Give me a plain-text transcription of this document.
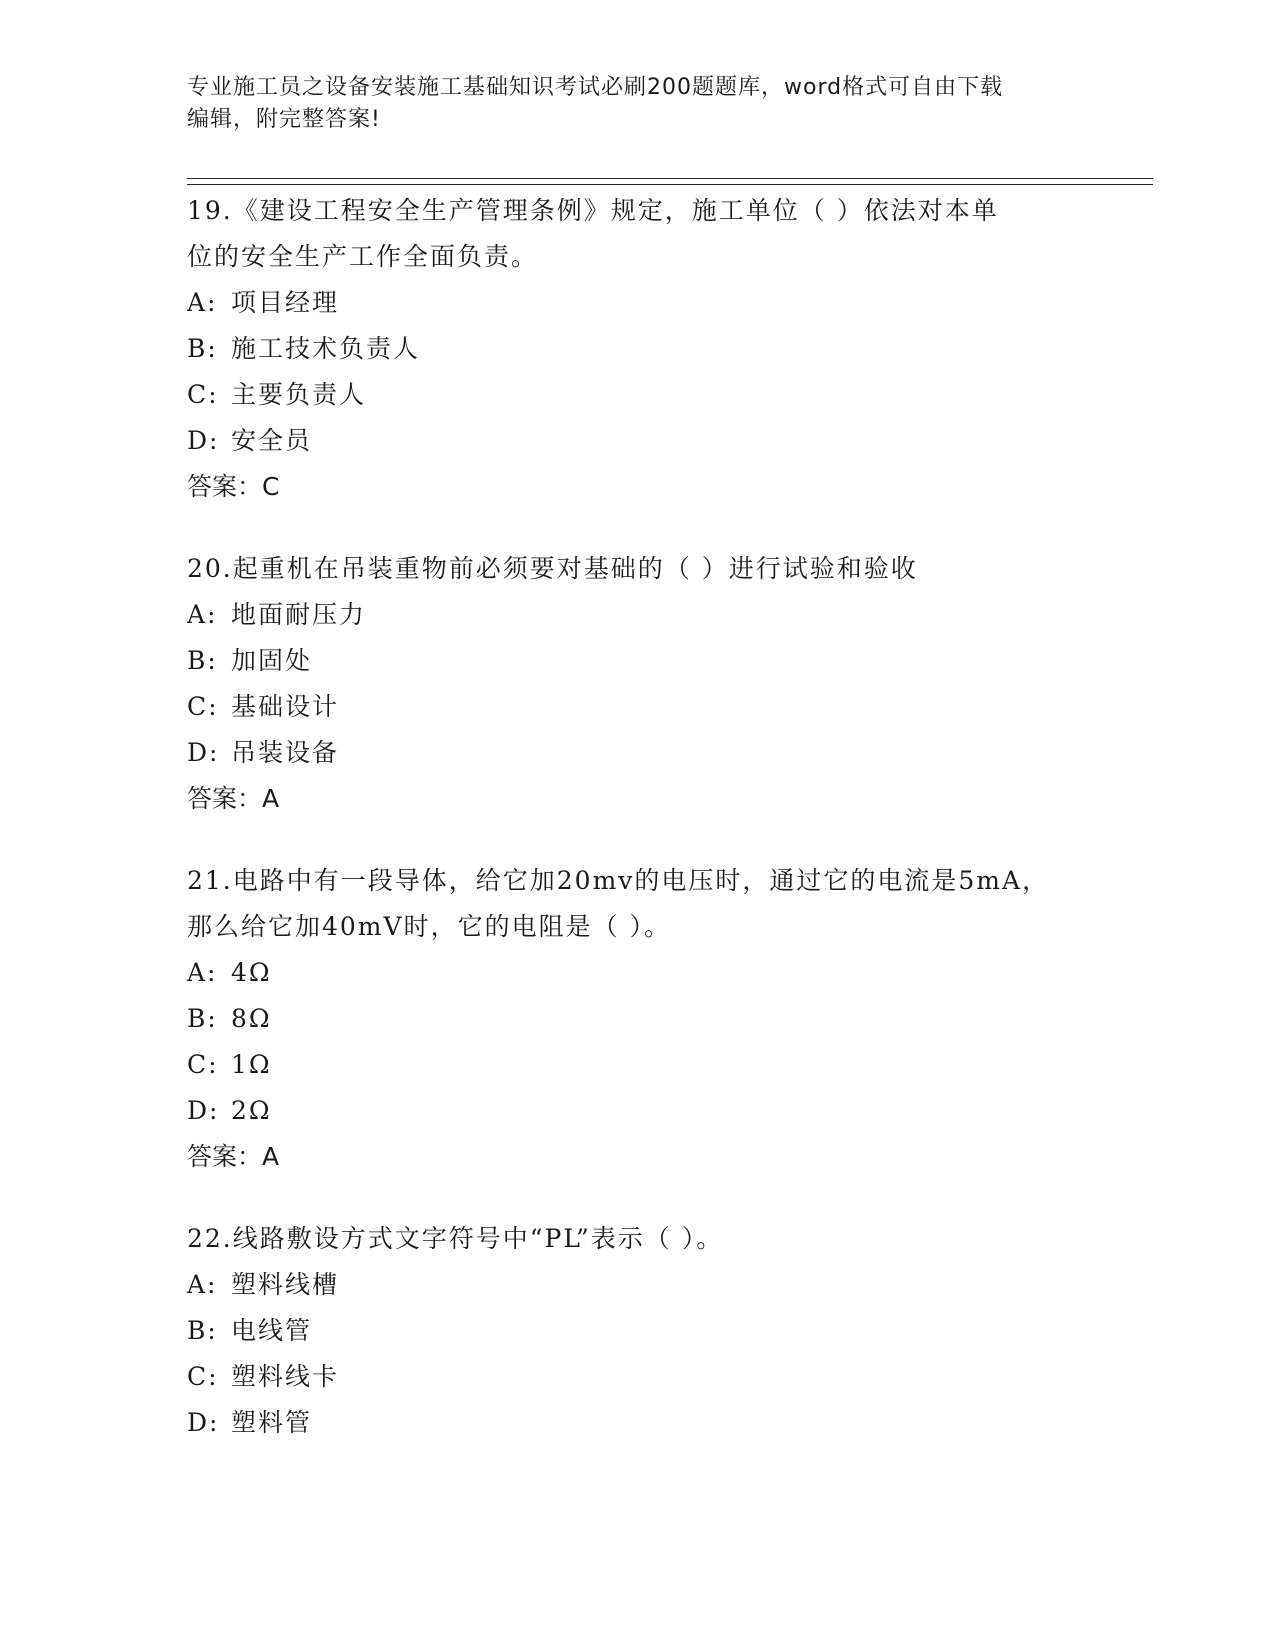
专业施工员之设备安装施工基础知识考试必刷200题题库，word格式可自由下载
编辑，附完整答案!

19.《建设工程安全生产管理条例》规定，施工单位（ ）依法对本单

位的安全生产工作全面负责。

A: 项目经理

B: 施工技术负责人

C: 主要负责人

D: 安全员

答案：C

20.起重机在吊装重物前必须要对基础的（ ）进行试验和验收

A: 地面耐压力

B: 加固处

C: 基础设计

D: 吊装设备

答案：A

21.电路中有一段导体，给它加20mv的电压时，通过它的电流是5mA，

那么给它加40mV时，它的电阻是（ ）。

A: 4Ω

B: 8Ω

C: 1Ω

D: 2Ω

答案：A

22.线路敷设方式文字符号中“PL”表示（ ）。

A: 塑料线槽

B: 电线管

C: 塑料线卡

D: 塑料管
